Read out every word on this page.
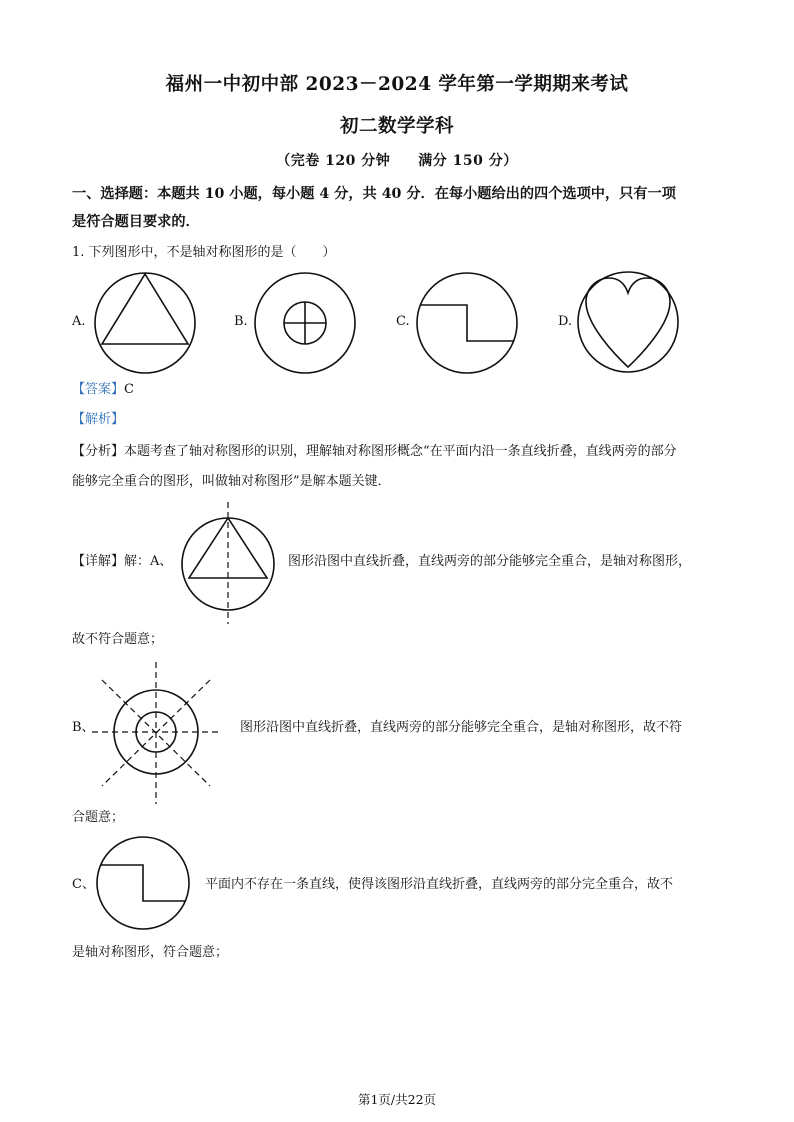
福州一中初中部 2023－2024 学年第一学期期来考试
初二数学学科
（完卷 120 分钟 满分 150 分）
一、选择题：本题共 10 小题，每小题 4 分，共 40 分．在每小题给出的四个选项中，只有一项
是符合题目要求的．
1. 下列图形中，不是轴对称图形的是（　　）
A.	B.	C.	D.
【答案】C
【解析】
【分析】本题考查了轴对称图形的识别，理解轴对称图形概念“在平面内沿一条直线折叠，直线两旁的部分
能够完全重合的图形，叫做轴对称图形”是解本题关键．
【详解】解：A、	图形沿图中直线折叠，直线两旁的部分能够完全重合，是轴对称图形，
故不符合题意；
B、	图形沿图中直线折叠，直线两旁的部分能够完全重合，是轴对称图形，故不符
合题意；
C、	平面内不存在一条直线，使得该图形沿直线折叠，直线两旁的部分完全重合，故不
是轴对称图形，符合题意；
第1页/共22页
